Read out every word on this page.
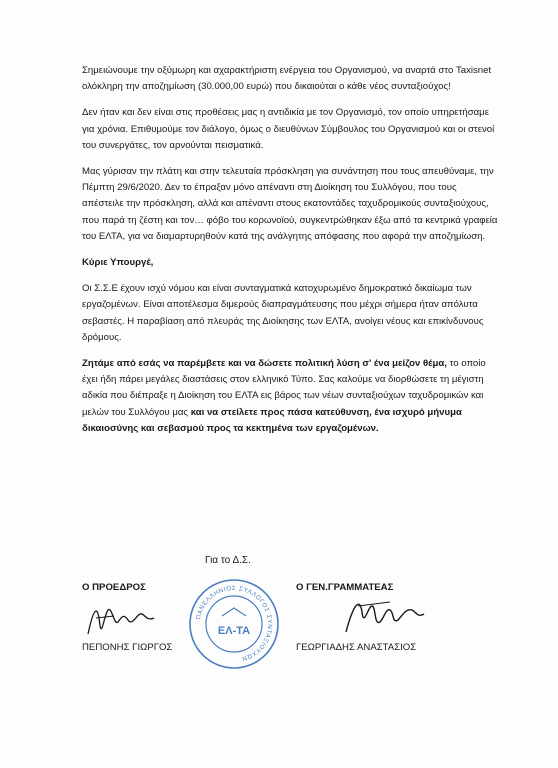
Σημειώνουμε την οξύμωρη και αχαρακτήριστη ενέργεια του Οργανισμού, να αναρτά στο Taxisnet ολόκληρη την αποζημίωση (30.000,00 ευρώ) που δικαιούται ο κάθε νέος συνταξιούχος!

Δεν ήταν και δεν είναι στις προθέσεις μας η αντιδικία με τον Οργανισμό, τον οποίο υπηρετήσαμε για χρόνια. Επιθυμούμε τον διάλογο, όμως ο διευθύνων Σύμβουλος του Οργανισμού και οι στενοί του συνεργάτες, τον αρνούνται πεισματικά.

Μας γύρισαν την πλάτη και στην τελευταία πρόσκληση για συνάντηση που τους απευθύναμε, την Πέμπτη 29/6/2020. Δεν το έπραξαν μόνο απέναντι στη Διοίκηση του Συλλόγου, που τους απέστειλε την πρόσκληση, αλλά και απέναντι στους εκατοντάδες ταχυδρομικούς συνταξιούχους, που παρά τη ζέστη και τον… φόβο του κορωνοϊού, συγκεντρώθηκαν έξω από τα κεντρικά γραφεία του ΕΛΤΑ, για να διαμαρτυρηθούν κατά της ανάλγητης απόφασης που αφορά την αποζημίωση.

Κύριε Υπουργέ,

Οι Σ.Σ.Ε έχουν ισχύ νόμου και είναι συνταγματικά κατοχυρωμένο δημοκρατικό δικαίωμα των εργαζομένων. Είναι αποτέλεσμα διμερούς διαπραγμάτευσης που μέχρι σήμερα ήταν απόλυτα σεβαστές. Η παραβίαση από πλευράς της Διοίκησης των ΕΛΤΑ, ανοίγει νέους και επικίνδυνους δρόμους.

Ζητάμε από εσάς να παρέμβετε και να δώσετε πολιτική λύση σ' ένα μείζον θέμα, το οποίο έχει ήδη πάρει μεγάλες διαστάσεις στον ελληνικό Τύπο. Σας καλούμε να διορθώσετε τη μέγιστη αδικία που διέπραξε η Διοίκηση του ΕΛΤΑ εις βάρος των νέων συνταξιούχων ταχυδρομικών και μελών του Συλλόγου μας και να στείλετε προς πάσα κατεύθυνση, ένα ισχυρό μήνυμα δικαιοσύνης και σεβασμού προς τα κεκτημένα των εργαζομένων.

Για το Δ.Σ.
Ο ΠΡΟΕΔΡΟΣ
ΠΕΠΟΝΗΣ ΓΙΩΡΓΟΣ
Ο ΓΕΝ.ΓΡΑΜΜΑΤΕΑΣ
ΓΕΩΡΓΙΑΔΗΣ ΑΝΑΣΤΑΣΙΟΣ
ΠΑΝΕΛΛΗΝΙΟΣ ΣΥΛΛΟΓΟΣ ΣΥΝΤΑΞΙΟΥΧΩΝ
ΕΛ-ΤΑ
